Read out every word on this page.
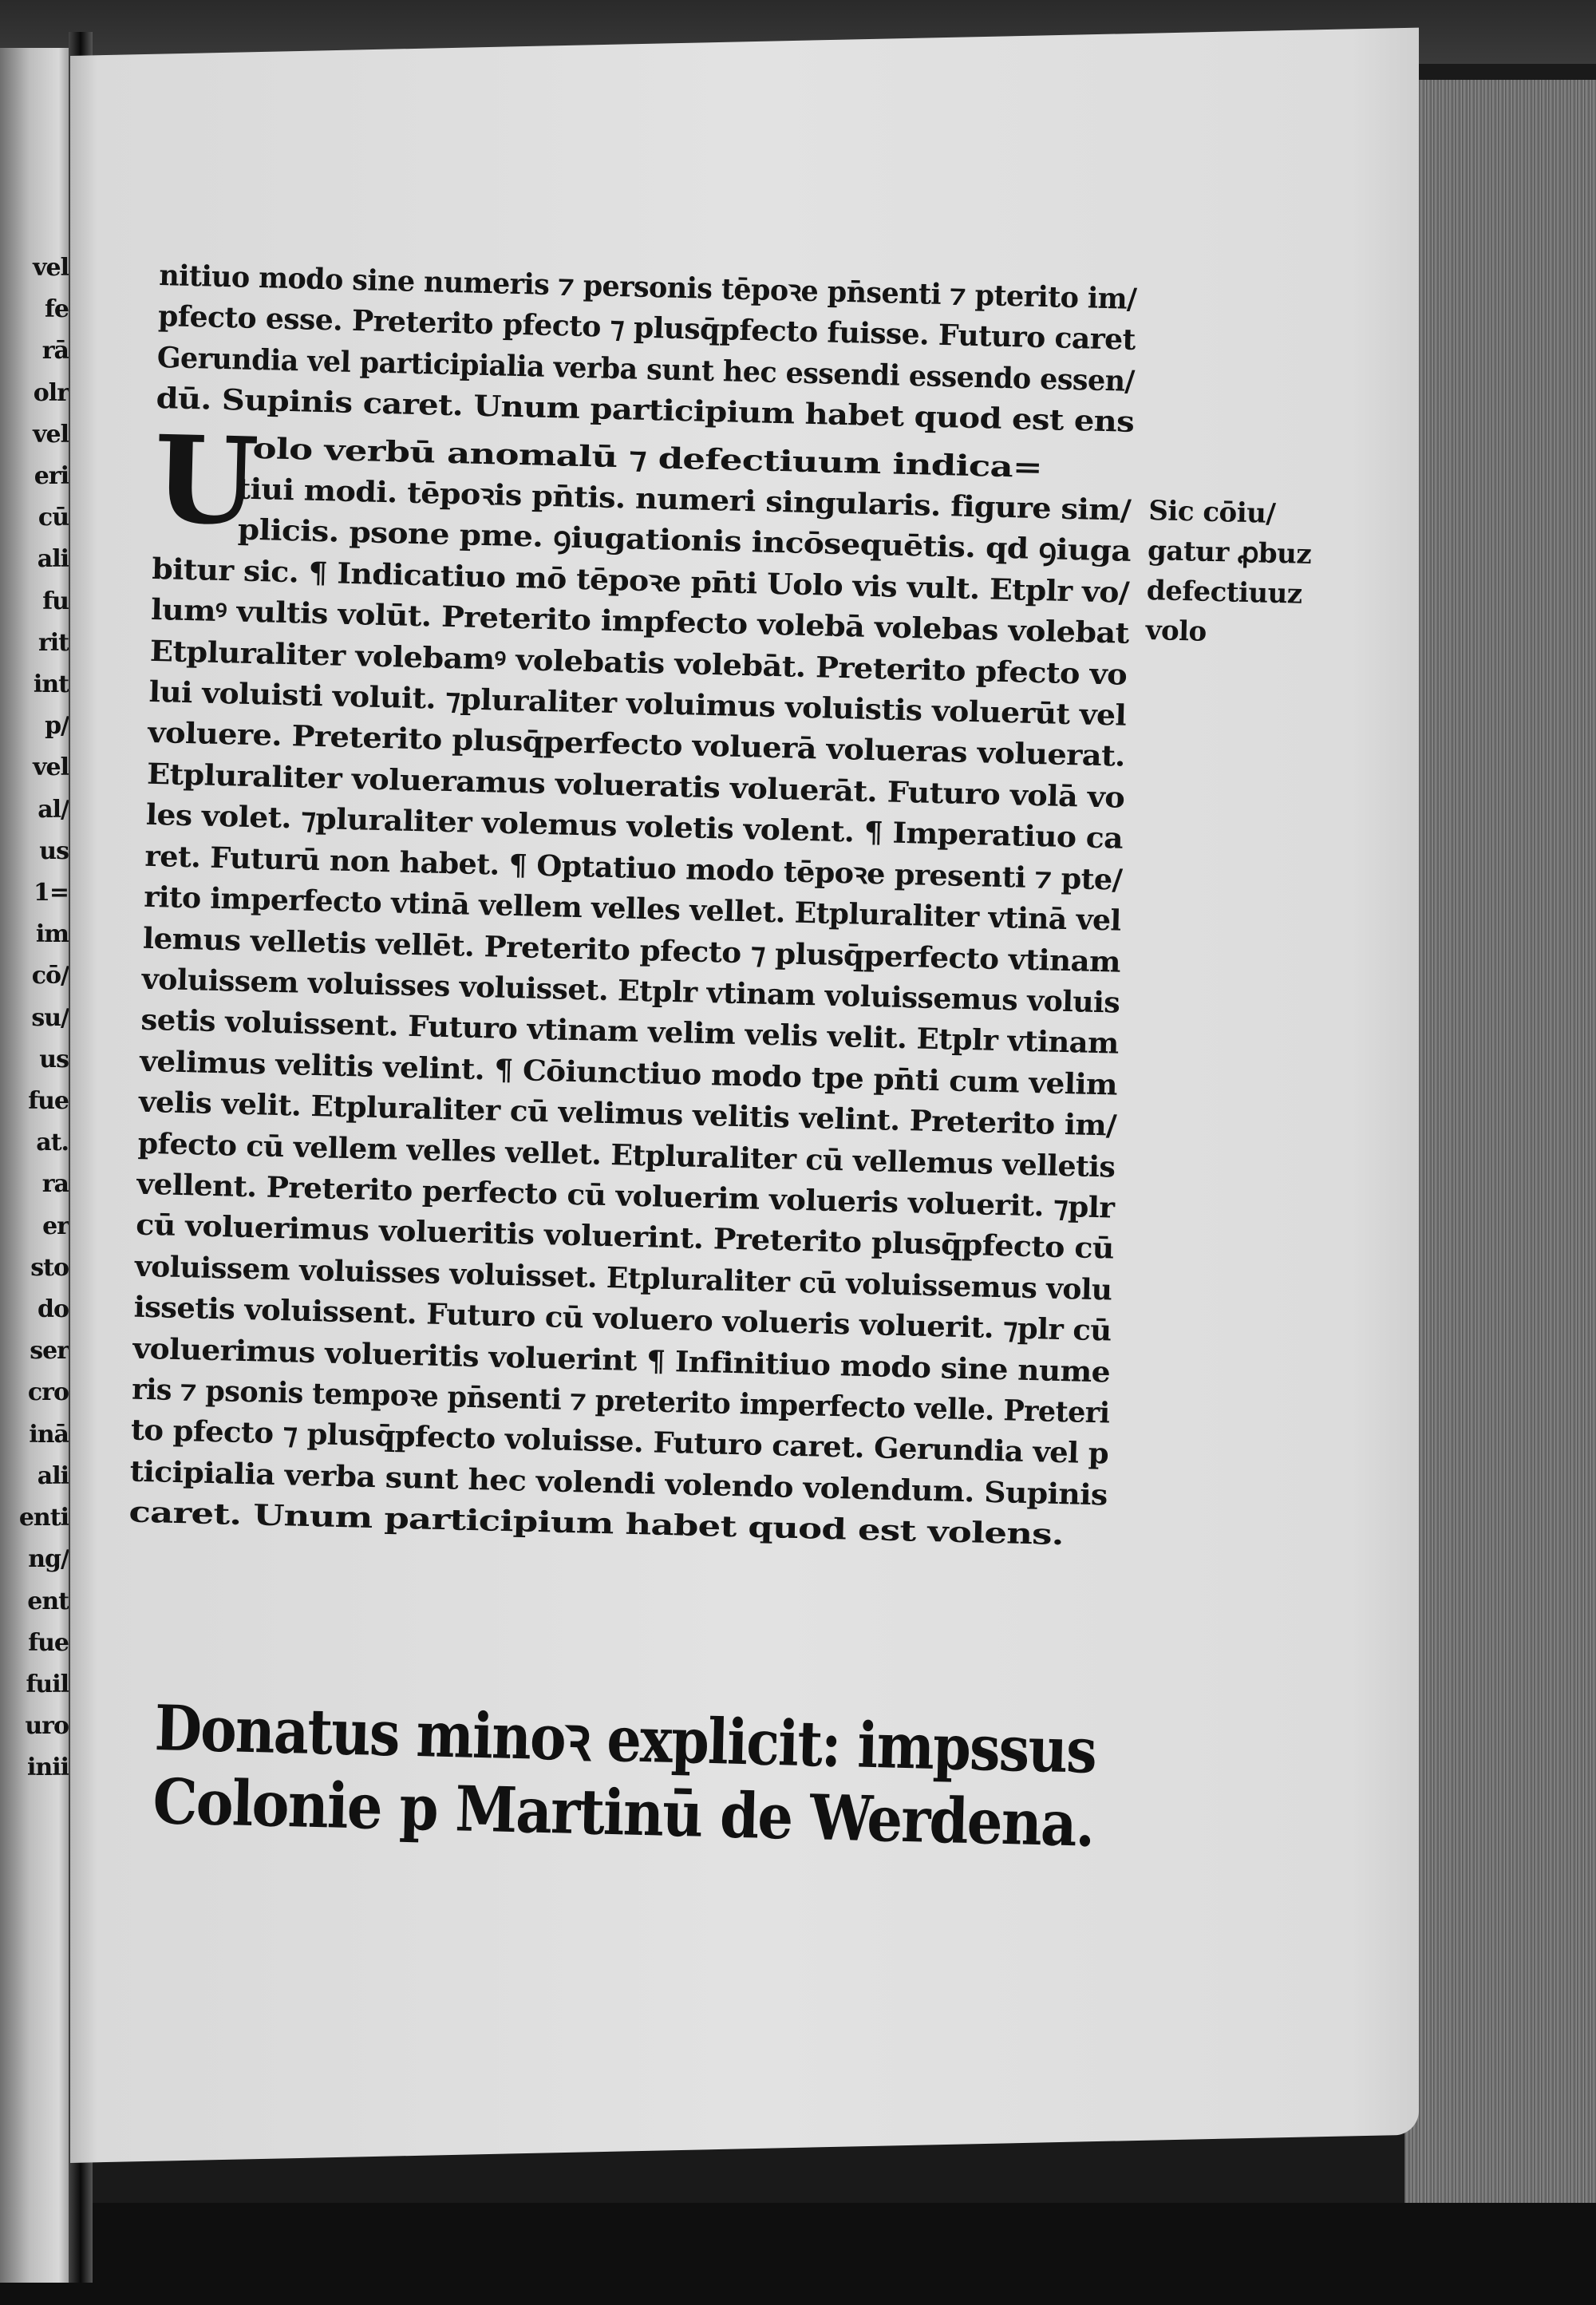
vel
fe
rā
olr
vel
eri
cū
ali
fu
rit
int
p/
vel
al/
us
1=
im
cō/
su/
us
fue
at.
ra
er
sto
do
ser
cro
inā
ali
enti
ng/
ent
fue
fuil
uro
inii
nitiuo modo sine numeris ⁊ personis tēpoꝛe pn̄senti ⁊ pterito im/
pfecto esse. Preterito pfecto ⁊ plusq̄pfecto fuisse. Futuro caret
Gerundia vel participialia verba sunt hec essendi essendo essen/
dū. Supinis caret. Unum participium habet quod est ens
U
olo verbū anomalū ⁊ defectiuum indica=
tiui modi. tēpoꝛis pn̄tis. numeri singularis. figure sim/
plicis. psone pme. ꝯiugationis incōsequētis. qd ꝯiuga
bitur sic. ¶ Indicatiuo mō tēpoꝛe pn̄ti Uolo vis vult. Etplr vo/
lumꝰ vultis volūt. Preterito impfecto volebā volebas volebat
Etpluraliter volebamꝰ volebatis volebāt. Preterito pfecto vo
lui voluisti voluit. ⁊pluraliter voluimus voluistis voluerūt vel
voluere. Preterito plusq̄perfecto voluerā volueras voluerat.
Etpluraliter volueramus volueratis voluerāt. Futuro volā vo
les volet. ⁊pluraliter volemus voletis volent. ¶ Imperatiuo ca
ret. Futurū non habet. ¶ Optatiuo modo tēpoꝛe presenti ⁊ pte/
rito imperfecto vtinā vellem velles vellet. Etpluraliter vtinā vel
lemus velletis vellēt. Preterito pfecto ⁊ plusq̄perfecto vtinam
voluissem voluisses voluisset. Etplr vtinam voluissemus voluis
setis voluissent. Futuro vtinam velim velis velit. Etplr vtinam
velimus velitis velint. ¶ Cōiunctiuo modo tpe pn̄ti cum velim
velis velit. Etpluraliter cū velimus velitis velint. Preterito im/
pfecto cū vellem velles vellet. Etpluraliter cū vellemus velletis
vellent. Preterito perfecto cū voluerim volueris voluerit. ⁊plr
cū voluerimus volueritis voluerint. Preterito plusq̄pfecto cū
voluissem voluisses voluisset. Etpluraliter cū voluissemus volu
issetis voluissent. Futuro cū voluero volueris voluerit. ⁊plr cū
voluerimus volueritis voluerint ¶ Infinitiuo modo sine nume
ris ⁊ psonis tempoꝛe pn̄senti ⁊ preterito imperfecto velle. Preteri
to pfecto ⁊ plusq̄pfecto voluisse. Futuro caret. Gerundia vel p
ticipialia verba sunt hec volendi volendo volendum. Supinis
caret. Unum participium habet quod est volens.
Sic cōiu/
gatur ꝓbuz
defectiuuz
volo
Donatus minoꝛ explicit: impssus
Colonie p Martinū de Werdena.
